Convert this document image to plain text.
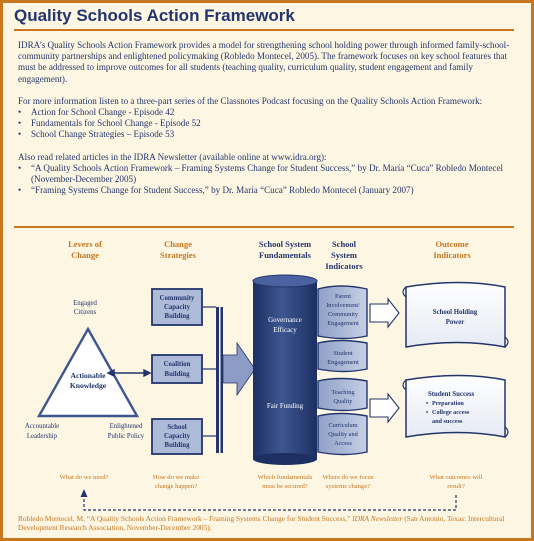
Quality Schools Action Framework

IDRA’s Quality Schools Action Framework provides a model for strengthening school holding power through informed family-school-community partnerships and enlightened policymaking (Robledo Montecel, 2005). The framework focuses on key school features that must be addressed to improve outcomes for all students (teaching quality, curriculum quality, student engagement and family engagement).

For more information listen to a three-part series of the Classnotes Podcast focusing on the Quality Schools Action Framework:
• Action for School Change - Episode 42
• Fundamentals for School Change - Episode 52
• School Change Strategies – Episode 53
Also read related articles in the IDRA Newsletter (available online at www.idra.org):
• “A Quality Schools Action Framework – Framing Systems Change for Student Success,” by Dr. María “Cuca” Robledo Montecel (November-December 2005)
• “Framing Systems Change for Student Success,” by Dr. María “Cuca” Robledo Montecel (January 2007)
Levers of
Change
Change
Strategies
School System
Fundamentals
School
System
Indicators
Outcome
Indicators
Actionable
Knowledge
Engaged
Citizens
Accountable
Leadership
Enlightened
Public Policy
Community
Capacity
Building
Coalition
Building
School
Capacity
Building
Governance
Efficacy
Fair Funding
Parent
Involvement/
Community
Engagement
Student
Engagement
Teaching
Quality
Curriculum
Quality and
Access
School Holding
Power
Student Success
• Preparation
• College access
and success
What do we need?	How do we make
change happen?
Which fundamentals
must be secured?
Where do we focus
systems change?
What outcomes will
result?
Robledo Montecel, M. “A Quality Schools Action Framework – Framing Systems Change for Student Success,” IDRA Newsletter (San Antonio, Texas: Intercultural Development Research Association, November-December 2005).
